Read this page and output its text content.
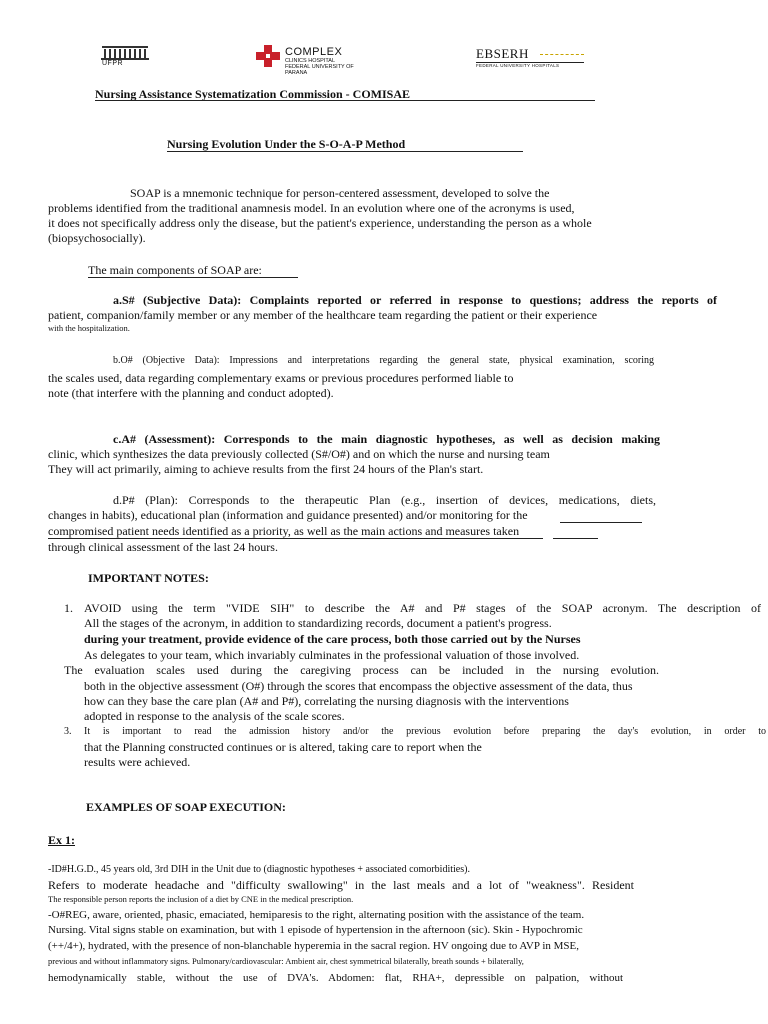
UFPR
COMPLEX
CLINICS HOSPITAL
FEDERAL UNIVERSITY OF PARANA
EBSERH
FEDERAL UNIVERSITY HOSPITALS
Nursing Assistance Systematization Commission - COMISAE
Nursing Evolution Under the S-O-A-P Method
SOAP is a mnemonic technique for person-centered assessment, developed to solve the
problems identified from the traditional anamnesis model. In an evolution where one of the acronyms is used,
it does not specifically address only the disease, but the patient's experience, understanding the person as a whole
(biopsychosocially).
The main components of SOAP are:
a.S# (Subjective Data): Complaints reported or referred in response to questions; address the reports of
patient, companion/family member or any member of the healthcare team regarding the patient or their experience
with the hospitalization.
b.O# (Objective Data): Impressions and interpretations regarding the general state, physical examination, scoring
the scales used, data regarding complementary exams or previous procedures performed liable to
note (that interfere with the planning and conduct adopted).
c.A# (Assessment): Corresponds to the main diagnostic hypotheses, as well as decision making
clinic, which synthesizes the data previously collected (S#/O#) and on which the nurse and nursing team
They will act primarily, aiming to achieve results from the first 24 hours of the Plan's start.
d.P# (Plan): Corresponds to the therapeutic Plan (e.g., insertion of devices, medications, diets,
changes in habits), educational plan (information and guidance presented) and/or monitoring for the
compromised patient needs identified as a priority, as well as the main actions and measures taken
through clinical assessment of the last 24 hours.
IMPORTANT NOTES:
1. AVOID using the term "VIDE SIH" to describe the A# and P# stages of the SOAP acronym. The description of
All the stages of the acronym, in addition to standardizing records, document a patient's progress.
during your treatment, provide evidence of the care process, both those carried out by the Nurses
As delegates to your team, which invariably culminates in the professional valuation of those involved.
The evaluation scales used during the caregiving process can be included in the nursing evolution.
both in the objective assessment (O#) through the scores that encompass the objective assessment of the data, thus
how can they base the care plan (A# and P#), correlating the nursing diagnosis with the interventions
adopted in response to the analysis of the scale scores.
3. It is important to read the admission history and/or the previous evolution before preparing the day's evolution, in order to
that the Planning constructed continues or is altered, taking care to report when the
results were achieved.
EXAMPLES OF SOAP EXECUTION:
Ex 1:
-ID#H.G.D., 45 years old, 3rd DIH in the Unit due to (diagnostic hypotheses + associated comorbidities).
Refers to moderate headache and "difficulty swallowing" in the last meals and a lot of "weakness". Resident
The responsible person reports the inclusion of a diet by CNE in the medical prescription.
-O#REG, aware, oriented, phasic, emaciated, hemiparesis to the right, alternating position with the assistance of the team.
Nursing. Vital signs stable on examination, but with 1 episode of hypertension in the afternoon (sic). Skin - Hypochromic
(++/4+), hydrated, with the presence of non-blanchable hyperemia in the sacral region. HV ongoing due to AVP in MSE,
previous and without inflammatory signs. Pulmonary/cardiovascular: Ambient air, chest symmetrical bilaterally, breath sounds + bilaterally,
hemodynamically stable, without the use of DVA's. Abdomen: flat, RHA+, depressible on palpation, without
